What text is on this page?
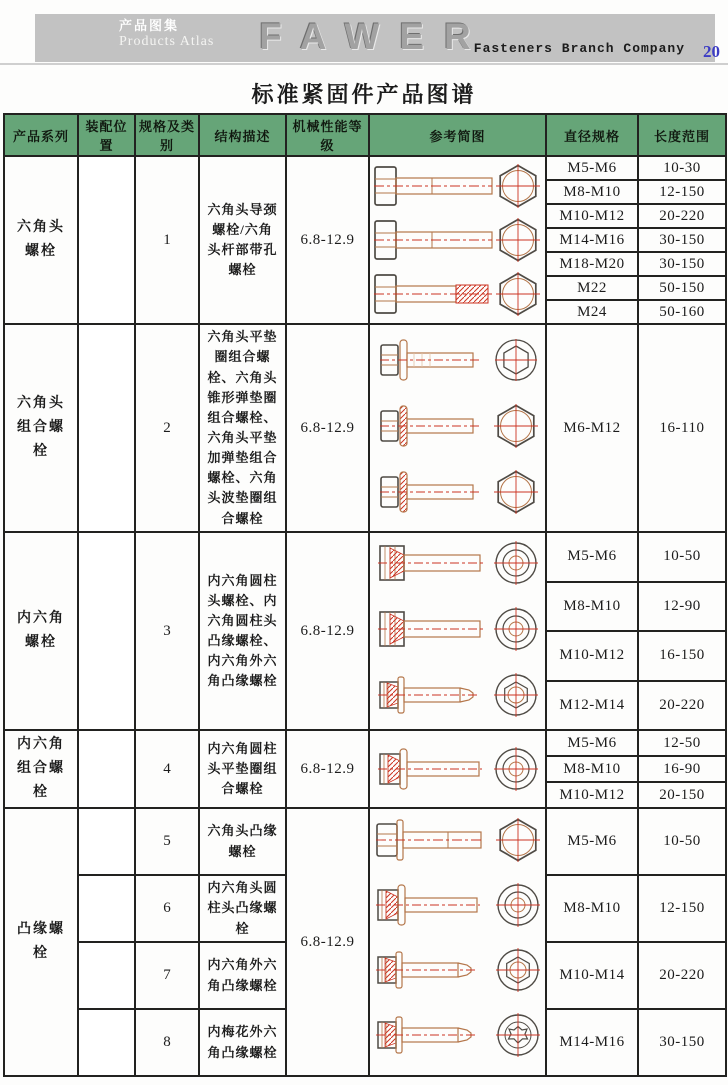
产品图集
Products Atlas	FAWER
Fasteners Branch Company 20
标准紧固件产品图谱
产品系列	装配位置	规格及类别	结构描述	机械性能等级	参考简图	直径规格	长度范围
六角头螺栓		1	六角头导颈螺栓/六角头杆部带孔螺栓	6.8-12.9		M5-M6	10-30
						M8-M10	12-150
						M10-M12	20-220
						M14-M16	30-150
						M18-M20	30-150
						M22	50-150
						M24	50-160
六角头组合螺栓		2	六角头平垫圈组合螺栓、六角头锥形弹垫圈组合螺栓、六角头平垫加弹垫组合螺栓、六角头波垫圈组合螺栓	6.8-12.9		M6-M12	16-110
内六角螺栓		3	内六角圆柱头螺栓、内六角圆柱头凸缘螺栓、内六角外六角凸缘螺栓	6.8-12.9		M5-M6	10-50
						M8-M10	12-90
						M10-M12	16-150
						M12-M14	20-220
内六角组合螺栓		4	内六角圆柱头平垫圈组合螺栓	6.8-12.9		M5-M6	12-50
						M8-M10	16-90
						M10-M12	20-150
凸缘螺栓		5	六角头凸缘螺栓	6.8-12.9		M5-M6	10-50
		6	内六角头圆柱头凸缘螺栓			M8-M10	12-150
		7	内六角外六角凸缘螺栓			M10-M14	20-220
		8	内梅花外六角凸缘螺栓			M14-M16	30-150
